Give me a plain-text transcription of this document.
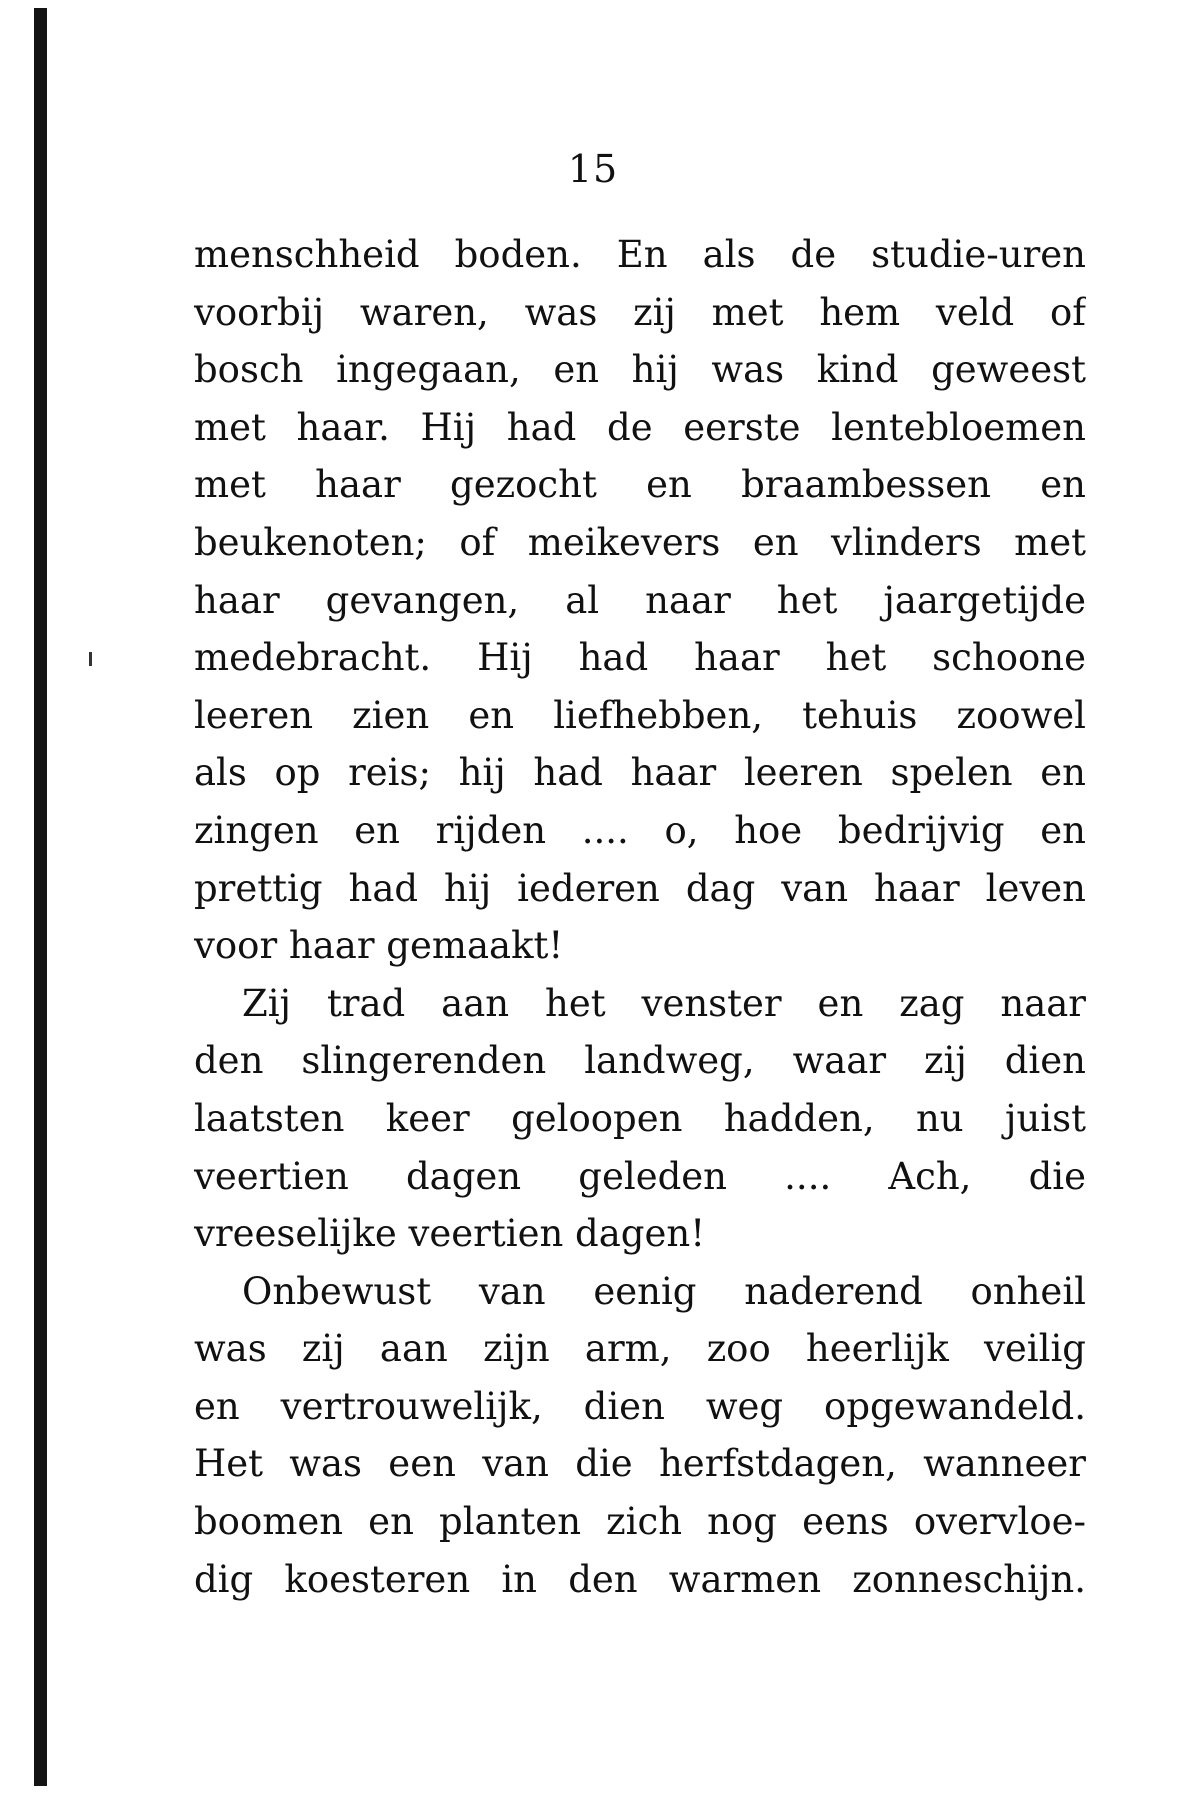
15
menschheid boden. En als de studie-uren
voorbij waren, was zij met hem veld of
bosch ingegaan, en hij was kind geweest
met haar. Hij had de eerste lentebloemen
met haar gezocht en braambessen en
beukenoten; of meikevers en vlinders met
haar gevangen, al naar het jaargetijde
medebracht. Hij had haar het schoone
leeren zien en liefhebben, tehuis zoowel
als op reis; hij had haar leeren spelen en
zingen en rijden .... o, hoe bedrijvig en
prettig had hij iederen dag van haar leven
voor haar gemaakt!
Zij trad aan het venster en zag naar
den slingerenden landweg, waar zij dien
laatsten keer geloopen hadden, nu juist
veertien dagen geleden .... Ach, die
vreeselijke veertien dagen!
Onbewust van eenig naderend onheil
was zij aan zijn arm, zoo heerlijk veilig
en vertrouwelijk, dien weg opgewandeld.
Het was een van die herfstdagen, wanneer
boomen en planten zich nog eens overvloe-
dig koesteren in den warmen zonneschijn.
